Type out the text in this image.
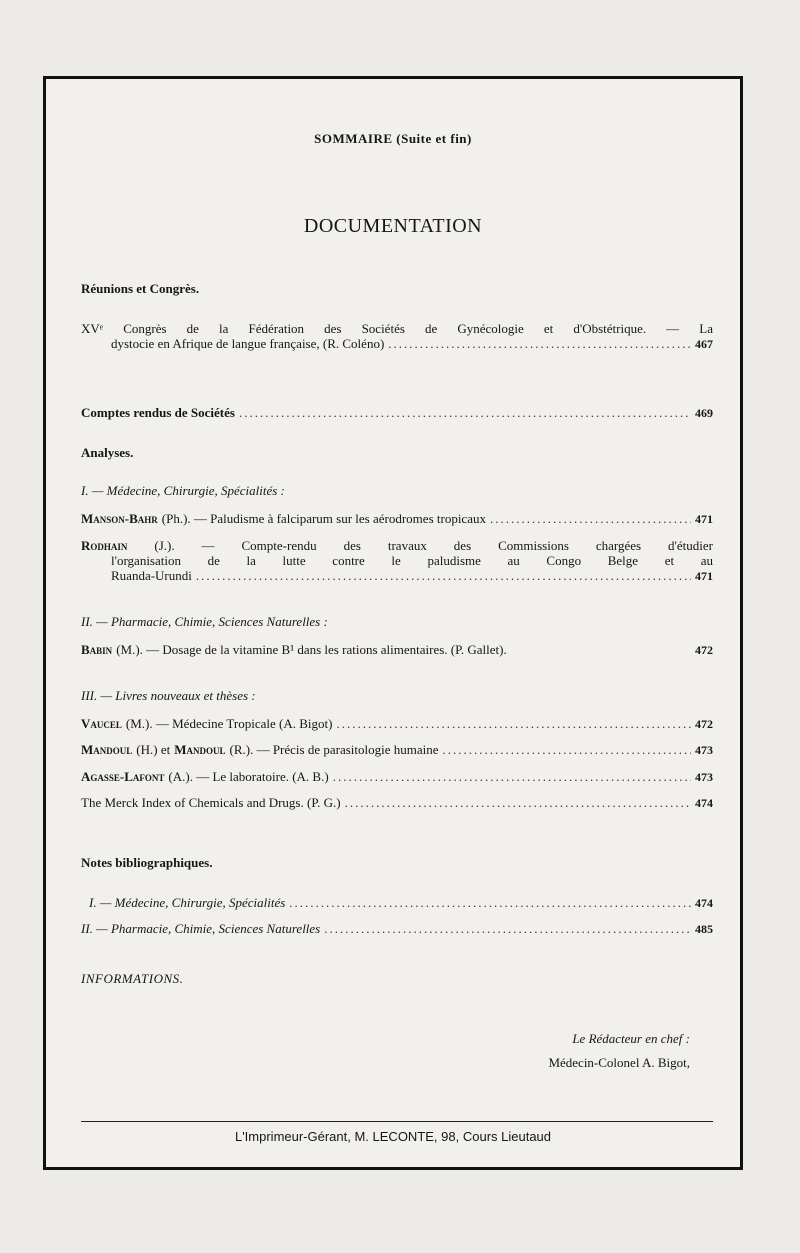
SOMMAIRE (Suite et fin)
DOCUMENTATION
Réunions et Congrès.
XVᵉ Congrès de la Fédération des Sociétés de Gynécologie et d'Obstétrique. — La
dystocie en Afrique de langue française, (R. Coléno) .....	467
Comptes rendus de Sociétés .....	469
Analyses.
I. — Médecine, Chirurgie, Spécialités :
Manson-Bahr (Ph.). — Paludisme à falciparum sur les aérodromes tropicaux .....	471
Rodhain (J.). — Compte-rendu des travaux des Commissions chargées d'étudier
l'organisation de la lutte contre le paludisme au Congo Belge et au
Ruanda-Urundi .....	471
II. — Pharmacie, Chimie, Sciences Naturelles :
Babin (M.). — Dosage de la vitamine B¹ dans les rations alimentaires. (P. Gallet).	472
III. — Livres nouveaux et thèses :
Vaucel (M.). — Médecine Tropicale (A. Bigot) .....	472
Mandoul (H.) et Mandoul (R.). — Précis de parasitologie humaine .....	473
Agasse-Lafont (A.). — Le laboratoire. (A. B.) .....	473
The Merck Index of Chemicals and Drugs. (P. G.) .....	474
Notes bibliographiques.
I. — Médecine, Chirurgie, Spécialités .....	474
II. — Pharmacie, Chimie, Sciences Naturelles .....	485
INFORMATIONS.
Le Rédacteur en chef :
Médecin-Colonel A. Bigot,
L'Imprimeur-Gérant, M. LECONTE, 98, Cours Lieutaud
